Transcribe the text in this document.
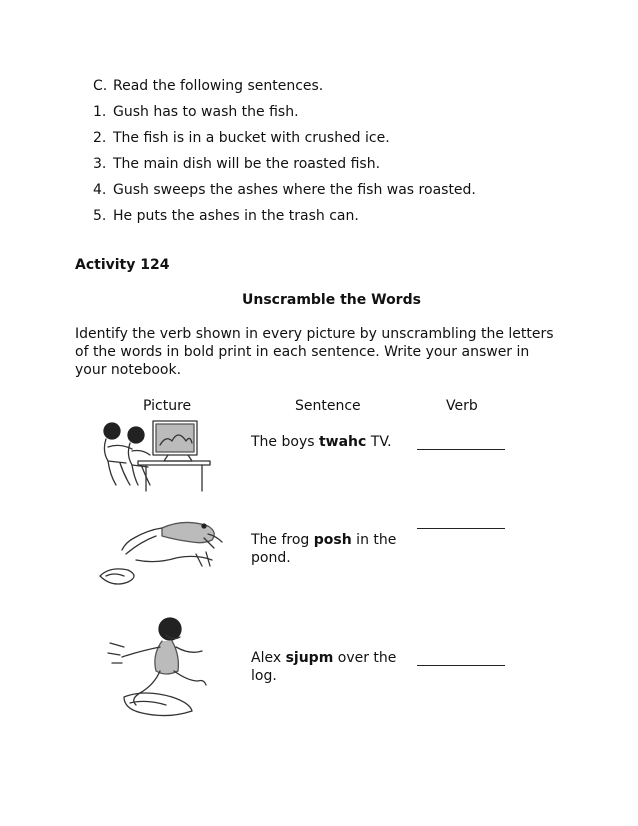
C. Read the following sentences.
1. Gush has to wash the fish.
2. The fish is in a bucket with crushed ice.
3. The main dish will be the roasted fish.
4. Gush sweeps the ashes where the fish was roasted.
5. He puts the ashes in the trash can.
Activity 124
Unscramble the Words
Identify the verb shown in every picture by unscrambling the letters of the words in bold print in each sentence. Write your answer in your notebook.
Picture	Sentence	Verb
The boys twahc TV.
The frog posh in the pond.
Alex sjupm over the log.
